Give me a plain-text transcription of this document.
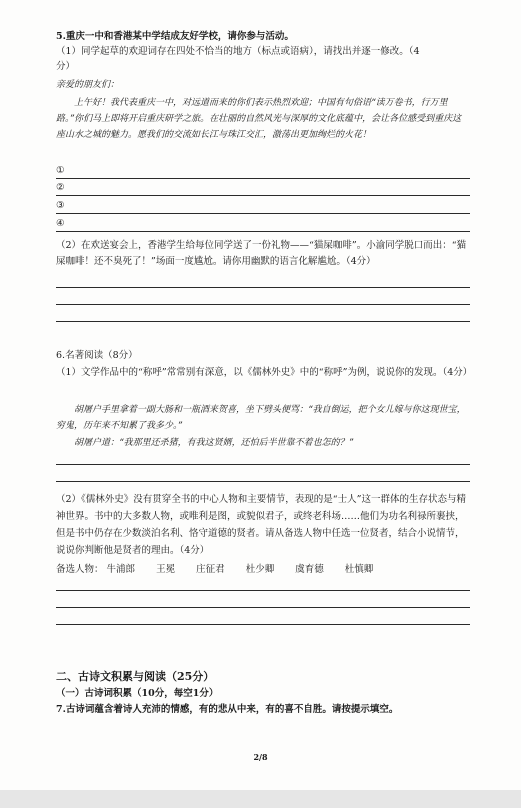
5.重庆一中和香港某中学结成友好学校，请你参与活动。
（1）同学起草的欢迎词存在四处不恰当的地方（标点或语病），请找出并逐一修改。（4
分）
亲爱的朋友们：
上午好！我代表重庆一中，对远道而来的你们表示热烈欢迎；中国有句俗语“读万卷书，行万里路。”你们马上即将开启重庆研学之旅。在壮丽的自然风光与深厚的文化底蕴中，会让各位感受到重庆这座山水之城的魅力。愿我们的交流如长江与珠江交汇，激荡出更加绚烂的火花！
①
②
③
④
（2）在欢送宴会上，香港学生给每位同学送了一份礼物——“猫屎咖啡”。小渝同学脱口而出：“猫屎咖啡！还不臭死了！”场面一度尴尬。请你用幽默的语言化解尴尬。（4分）
6.名著阅读（8分）
（1）文学作品中的“称呼”常常别有深意，以《儒林外史》中的“称呼”为例，说说你的发现。（4分）
胡屠户手里拿着一副大肠和一瓶酒来贺喜，坐下劈头便骂：“我自倒运，把个女儿嫁与你这现世宝，穷鬼，历年来不知累了我多少。”
胡屠户道：“我那里还杀猪，有我这贤婿，还怕后半世靠不着也怎的？”
（2）《儒林外史》没有贯穿全书的中心人物和主要情节，表现的是“士人”这一群体的生存状态与精神世界。书中的大多数人物，或唯利是图，或貌似君子，或终老科场……他们为功名利禄所裹挟，但是书中仍存在少数淡泊名利、恪守道德的贤者。请从备选人物中任选一位贤者，结合小说情节，说说你判断他是贤者的理由。（4分）
备选人物： 牛浦郎 王冕 庄征君 杜少卿 虞育德 杜慎卿
二、古诗文积累与阅读（25分）
（一）古诗词积累（10分，每空1分）
7.古诗词蕴含着诗人充沛的情感，有的悲从中来，有的喜不自胜。请按提示填空。
2/8
